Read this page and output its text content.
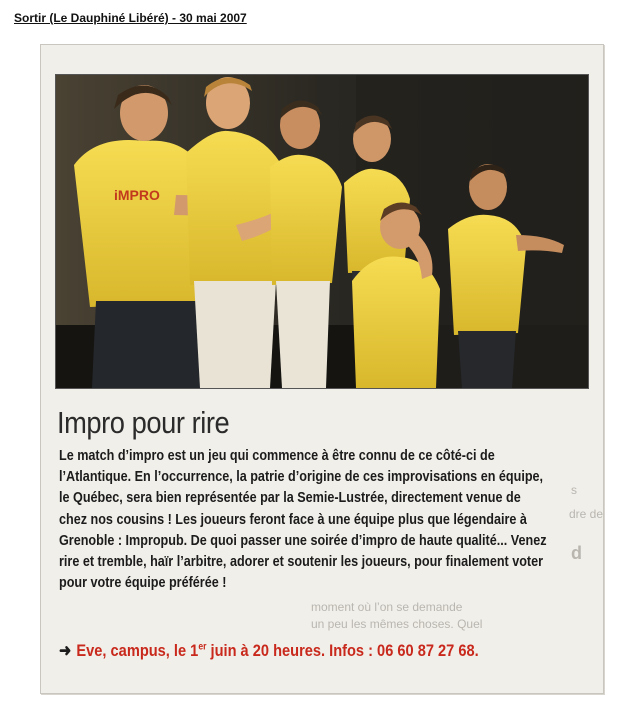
Sortir (Le Dauphiné Libéré) - 30 mai 2007
s
dre de
d
moment où l’on se demande
un peu les mêmes choses. Quel
iMPRO
Impro pour rire

Le match d’impro est un jeu qui commence à être connu de ce côté-ci de l’Atlantique. En l’occurrence, la patrie d’origine de ces improvisations en équipe, le Québec, sera bien représentée par la Semie-Lustrée, directement venue de chez nos cousins ! Les joueurs feront face à une équipe plus que légendaire à Grenoble : Impropub. De quoi passer une soirée d’impro de haute qualité... Venez rire et tremble, haïr l’arbitre, adorer et soutenir les joueurs, pour finalement voter pour votre équipe préférée !

➜ Eve, campus, le 1er juin à 20 heures. Infos : 06 60 87 27 68.
